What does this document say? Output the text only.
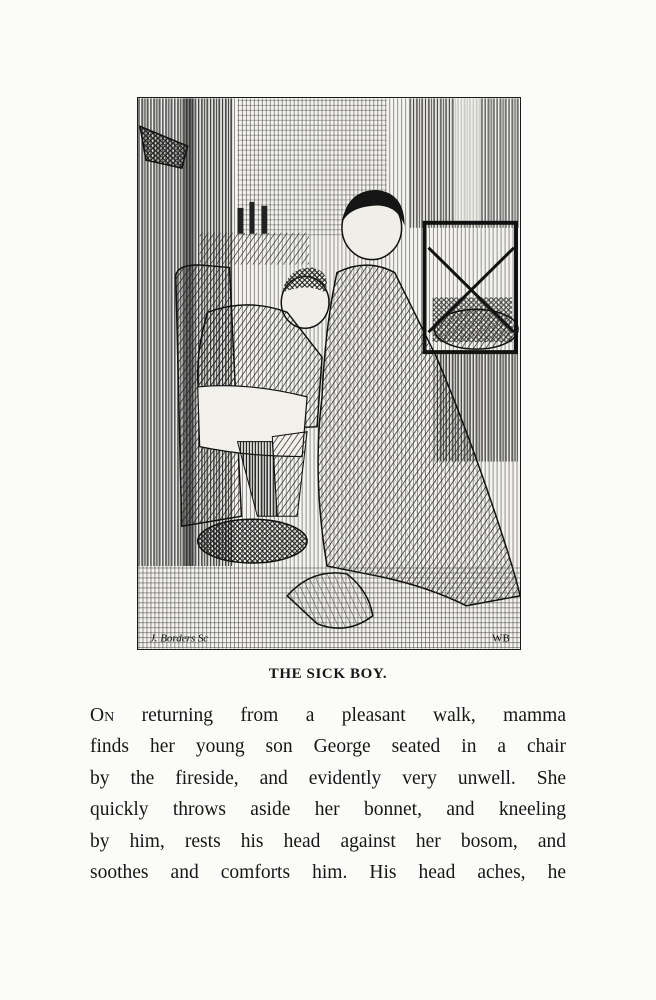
J. Borders Sc	WB
THE SICK BOY.
On returning from a pleasant walk, mamma
finds her young son George seated in a chair
by the fireside, and evidently very unwell. She
quickly throws aside her bonnet, and kneeling
by him, rests his head against her bosom, and
soothes and comforts him. His head aches, he
